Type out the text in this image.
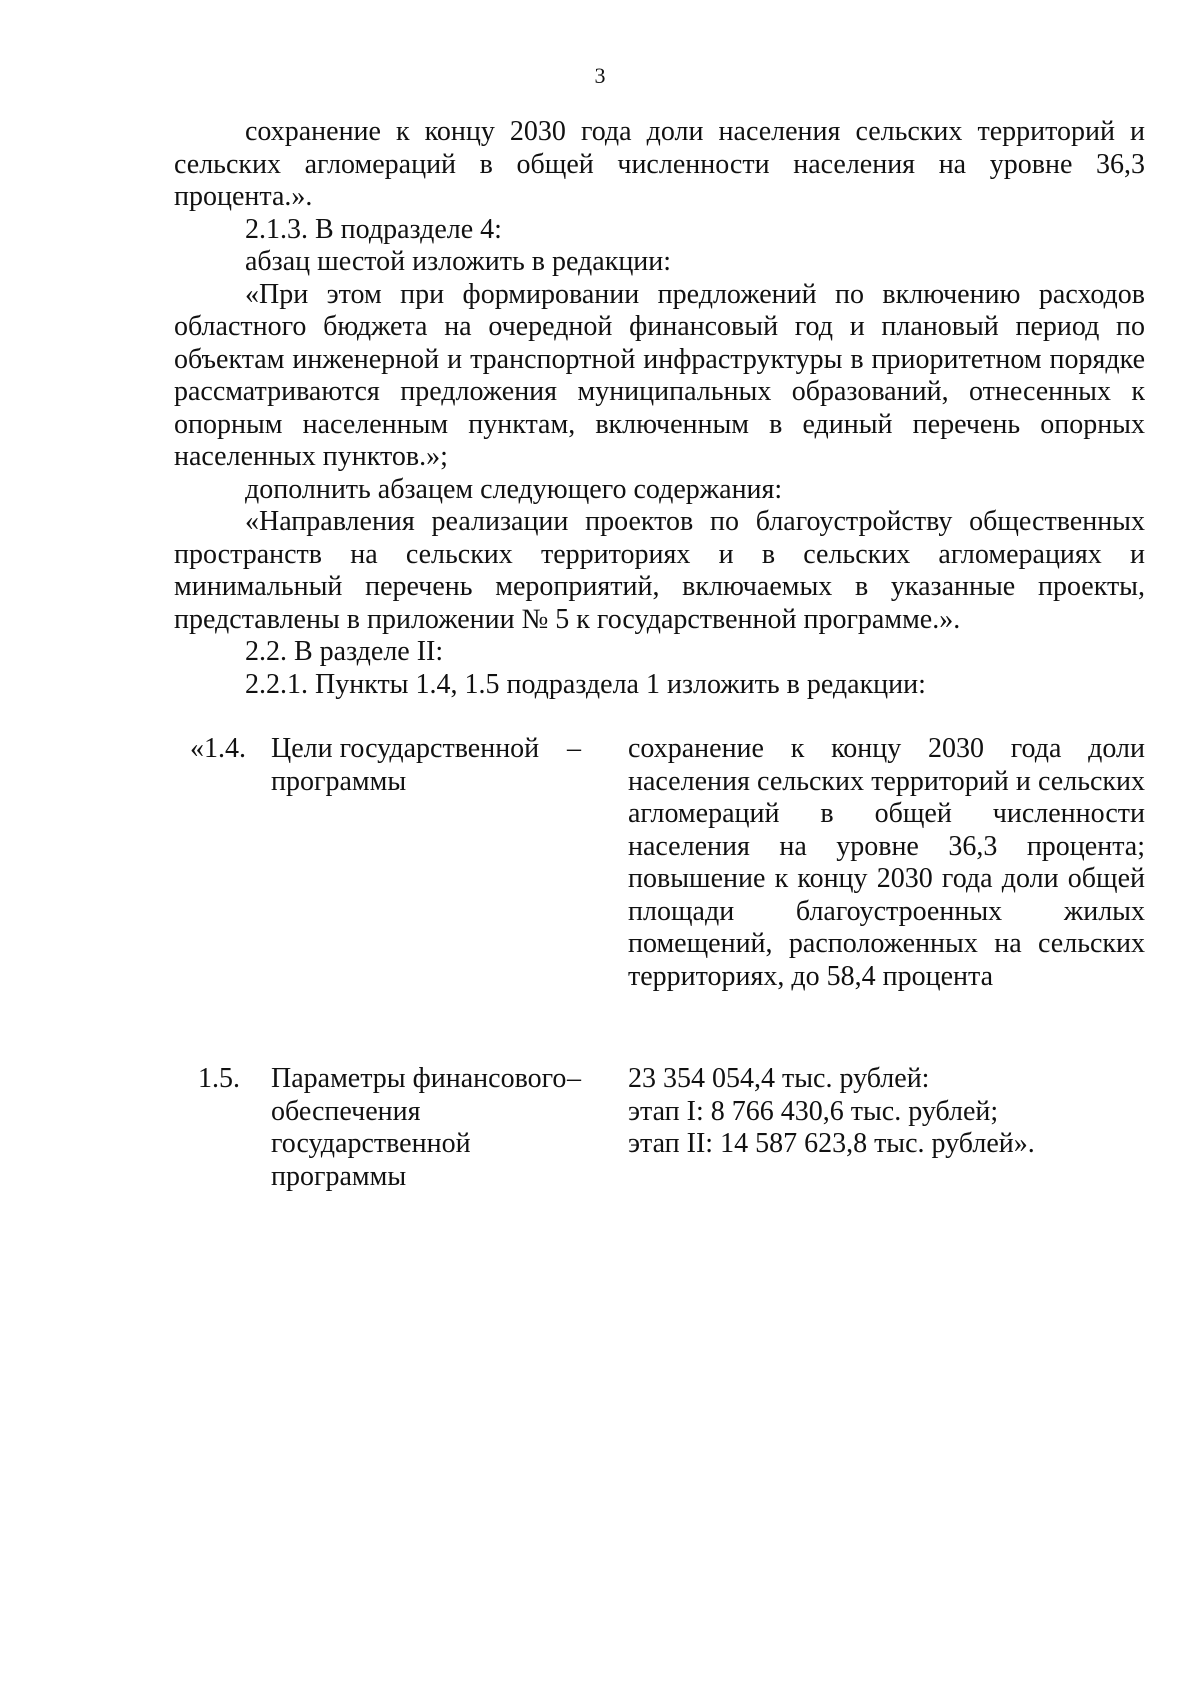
3

сохранение к концу 2030 года доли населения сельских территорий и сельских агломераций в общей численности населения на уровне 36,3 процента.».

2.1.3. В подразделе 4:

абзац шестой изложить в редакции:

«При этом при формировании предложений по включению расходов областного бюджета на очередной финансовый год и плановый период по объектам инженерной и транспортной инфраструктуры в приоритетном порядке рассматриваются предложения муниципальных образований, отнесенных к опорным населенным пунктам, включенным в единый перечень опорных населенных пунктов.»;

дополнить абзацем следующего содержания:

«Направления реализации проектов по благоустройству общественных пространств на сельских территориях и в сельских агломерациях и минимальный перечень мероприятий, включаемых в указанные проекты, представлены в приложении № 5 к государственной программе.».

2.2. В разделе II:

2.2.1. Пункты 1.4, 1.5 подраздела 1 изложить в редакции:

«1.4.	Цели государственной программы	–	сохранение к концу 2030 года доли населения сельских территорий и сельских агломераций в общей численности населения на уровне 36,3 процента; повышение к концу 2030 года доли общей площади благоустроенных жилых помещений, расположенных на сельских территориях, до 58,4 процента
1.5.	Параметры финансового обеспечения государственной программы	–	23 354 054,4 тыс. рублей:
этап I: 8 766 430,6 тыс. рублей;
этап II: 14 587 623,8 тыс. рублей».
